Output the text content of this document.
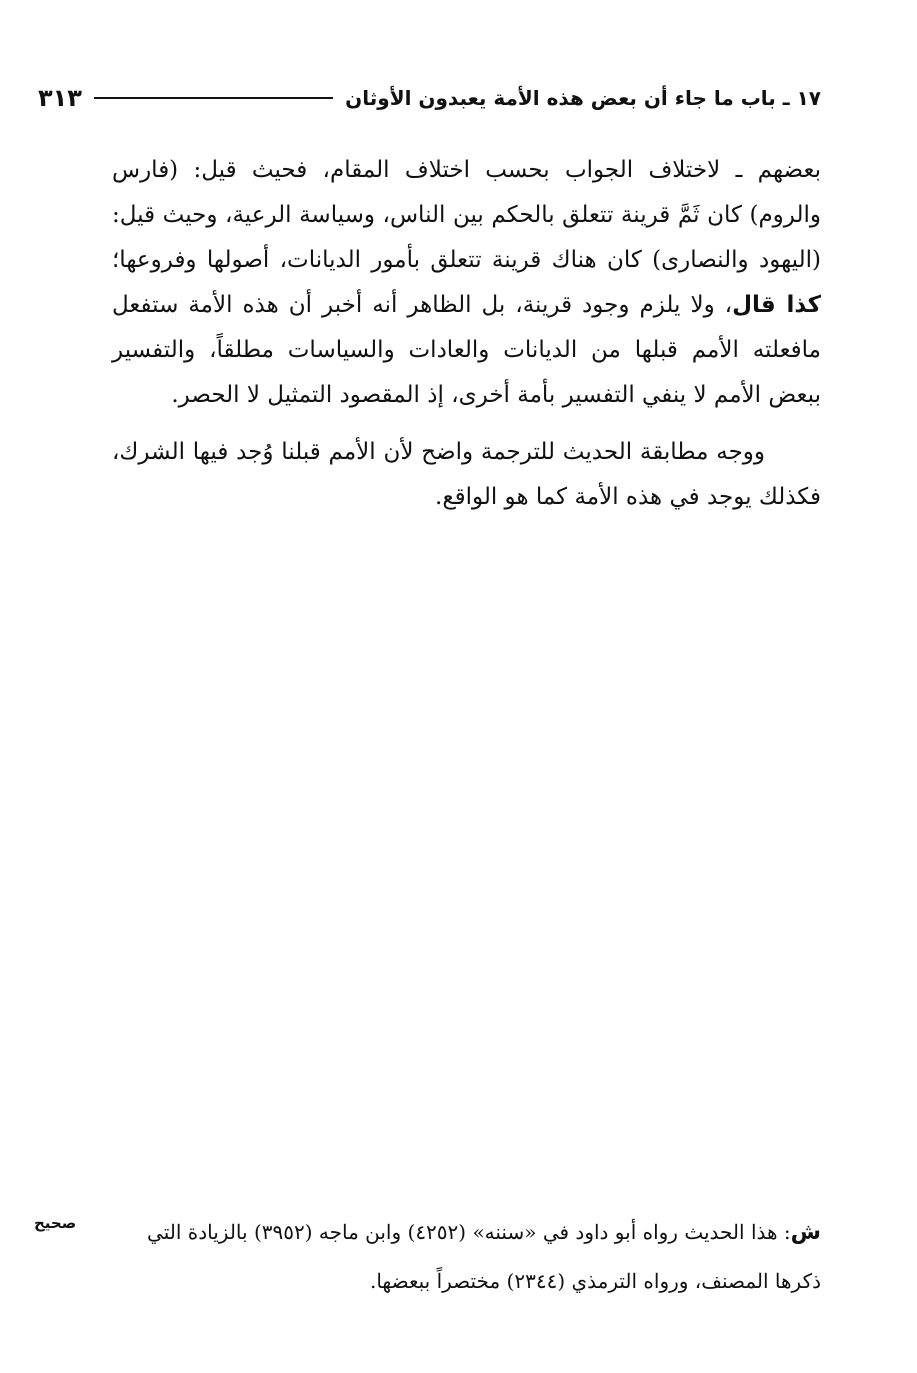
١٧ ـ باب ما جاء أن بعض هذه الأمة يعبدون الأوثان
٣١٣

بعضهم ـ لاختلاف الجواب بحسب اختلاف المقام، فحيث قيل: (فارس والروم) كان ثَمَّ قرينة تتعلق بالحكم بين الناس، وسياسة الرعية، وحيث قيل: (اليهود والنصارى) كان هناك قرينة تتعلق بأمور الديانات، أصولها وفروعها؛ كذا قال، ولا يلزم وجود قرينة، بل الظاهر أنه أخبر أن هذه الأمة ستفعل مافعلته الأمم قبلها من الديانات والعادات والسياسات مطلقاً، والتفسير ببعض الأمم لا ينفي التفسير بأمة أخرى، إذ المقصود التمثيل لا الحصر.

ووجه مطابقة الحديث للترجمة واضح لأن الأمم قبلنا وُجد فيها الشرك، فكذلك يوجد في هذه الأمة كما هو الواقع.

ش: هذا الحديث رواه أبو داود في «سننه» (٤٢٥٢) وابن ماجه (٣٩٥٢) بالزيادة التي ذكرها المصنف، ورواه الترمذي (٢٣٤٤) مختصراً ببعضها.

صحيح
